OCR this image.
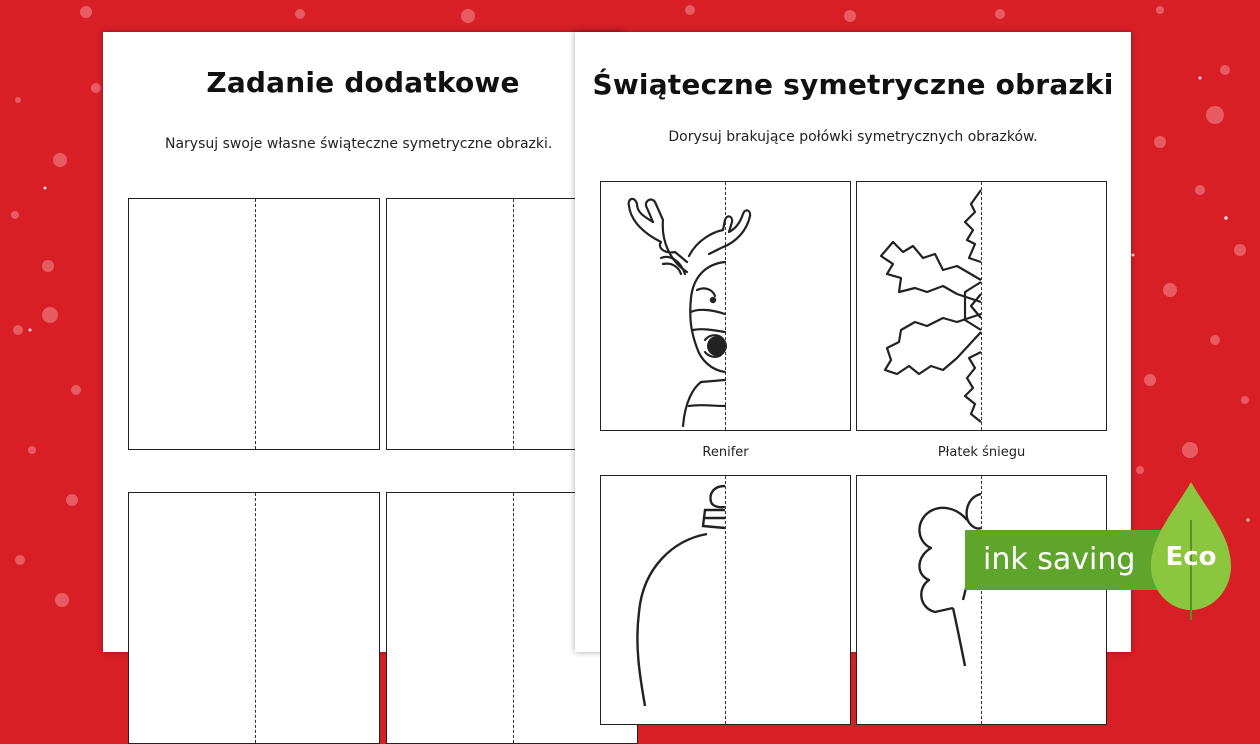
Zadanie dodatkowe
Narysuj swoje własne świąteczne symetryczne obrazki.
Świąteczne symetryczne obrazki
Dorysuj brakujące połówki symetrycznych obrazków.
Renifer	Płatek śniegu
ink saving	Eco
